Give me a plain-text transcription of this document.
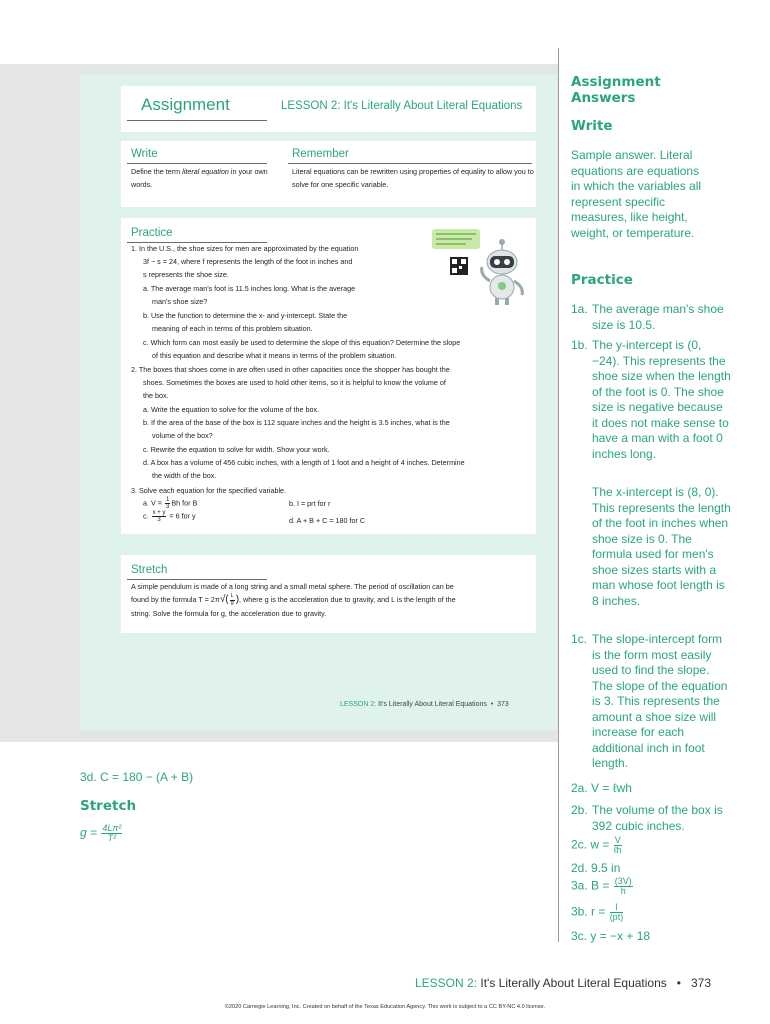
Assignment	LESSON 2: It's Literally About Literal Equations
Write
Define the term literal equation in your own words.
Remember
Literal equations can be rewritten using properties of equality to allow you to solve for one specific variable.
Practice
1. In the U.S., the shoe sizes for men are approximated by the equation
3f − s = 24, where f represents the length of the foot in inches and
s represents the shoe size.
a. The average man's foot is 11.5 inches long. What is the average
man's shoe size?
b. Use the function to determine the x- and y-intercept. State the
meaning of each in terms of this problem situation.
c. Which form can most easily be used to determine the slope of this equation? Determine the slope
of this equation and describe what it means in terms of the problem situation.
2. The boxes that shoes come in are often used in other capacities once the shopper has bought the
shoes. Sometimes the boxes are used to hold other items, so it is helpful to know the volume of
the box.
a. Write the equation to solve for the volume of the box.
b. If the area of the base of the box is 112 square inches and the height is 3.5 inches, what is the
volume of the box?
c. Rewrite the equation to solve for width. Show your work.
d. A box has a volume of 456 cubic inches, with a length of 1 foot and a height of 4 inches. Determine
the width of the box.
3. Solve each equation for the specified variable.
a. $V = \frac{1}{3}$ Bh for B	b. I = prt for r
c. $\frac{x + y}{3} = 6$ for y
d. A + B + C = 180 for C
Stretch
A simple pendulum is made of a long string and a small metal sphere. The period of oscillation can be
found by the formula $T = 2\pi√( \frac{L}{g}$ ), where g is the acceleration due to gravity, and L is the length of the
string. Solve the formula for g, the acceleration due to gravity.
LESSON 2: It's Literally About Literal Equations • 373
Assignment
Answers
Write
Sample answer. Literal equations are equations in which the variables all represent specific measures, like height, weight, or temperature.
Practice
1a. The average man's shoe size is 10.5.
1b. The y-intercept is (0, −24). This represents the shoe size when the length of the foot is 0. The shoe size is negative because it does not make sense to have a man with a foot 0 inches long.
The x-intercept is (8, 0). This represents the length of the foot in inches when shoe size is 0. The formula used for men's shoe sizes starts with a man whose foot length is 8 inches.
1c. The slope-intercept form is the form most easily used to find the slope. The slope of the equation is 3. This represents the amount a shoe size will increase for each additional inch in foot length.
2a. V = ℓwh
2b. The volume of the box is 392 cubic inches.
2c. $w = \frac{V}{\text{ℓh}}$
2d. 9.5 in
3a. $B = \frac{(3V)}{h}$
3b. $r = \frac{I}{(pt)}$
3c. y = −x + 18
3d. C = 180 − (A + B)
Stretch
$g = \frac{\text{4Lπ²}}{\text{T²}}$
LESSON 2: It's Literally About Literal Equations • 373
©2020 Carnegie Learning, Inc. Created on behalf of the Texas Education Agency. This work is subject to a CC BY-NC 4.0 license.
